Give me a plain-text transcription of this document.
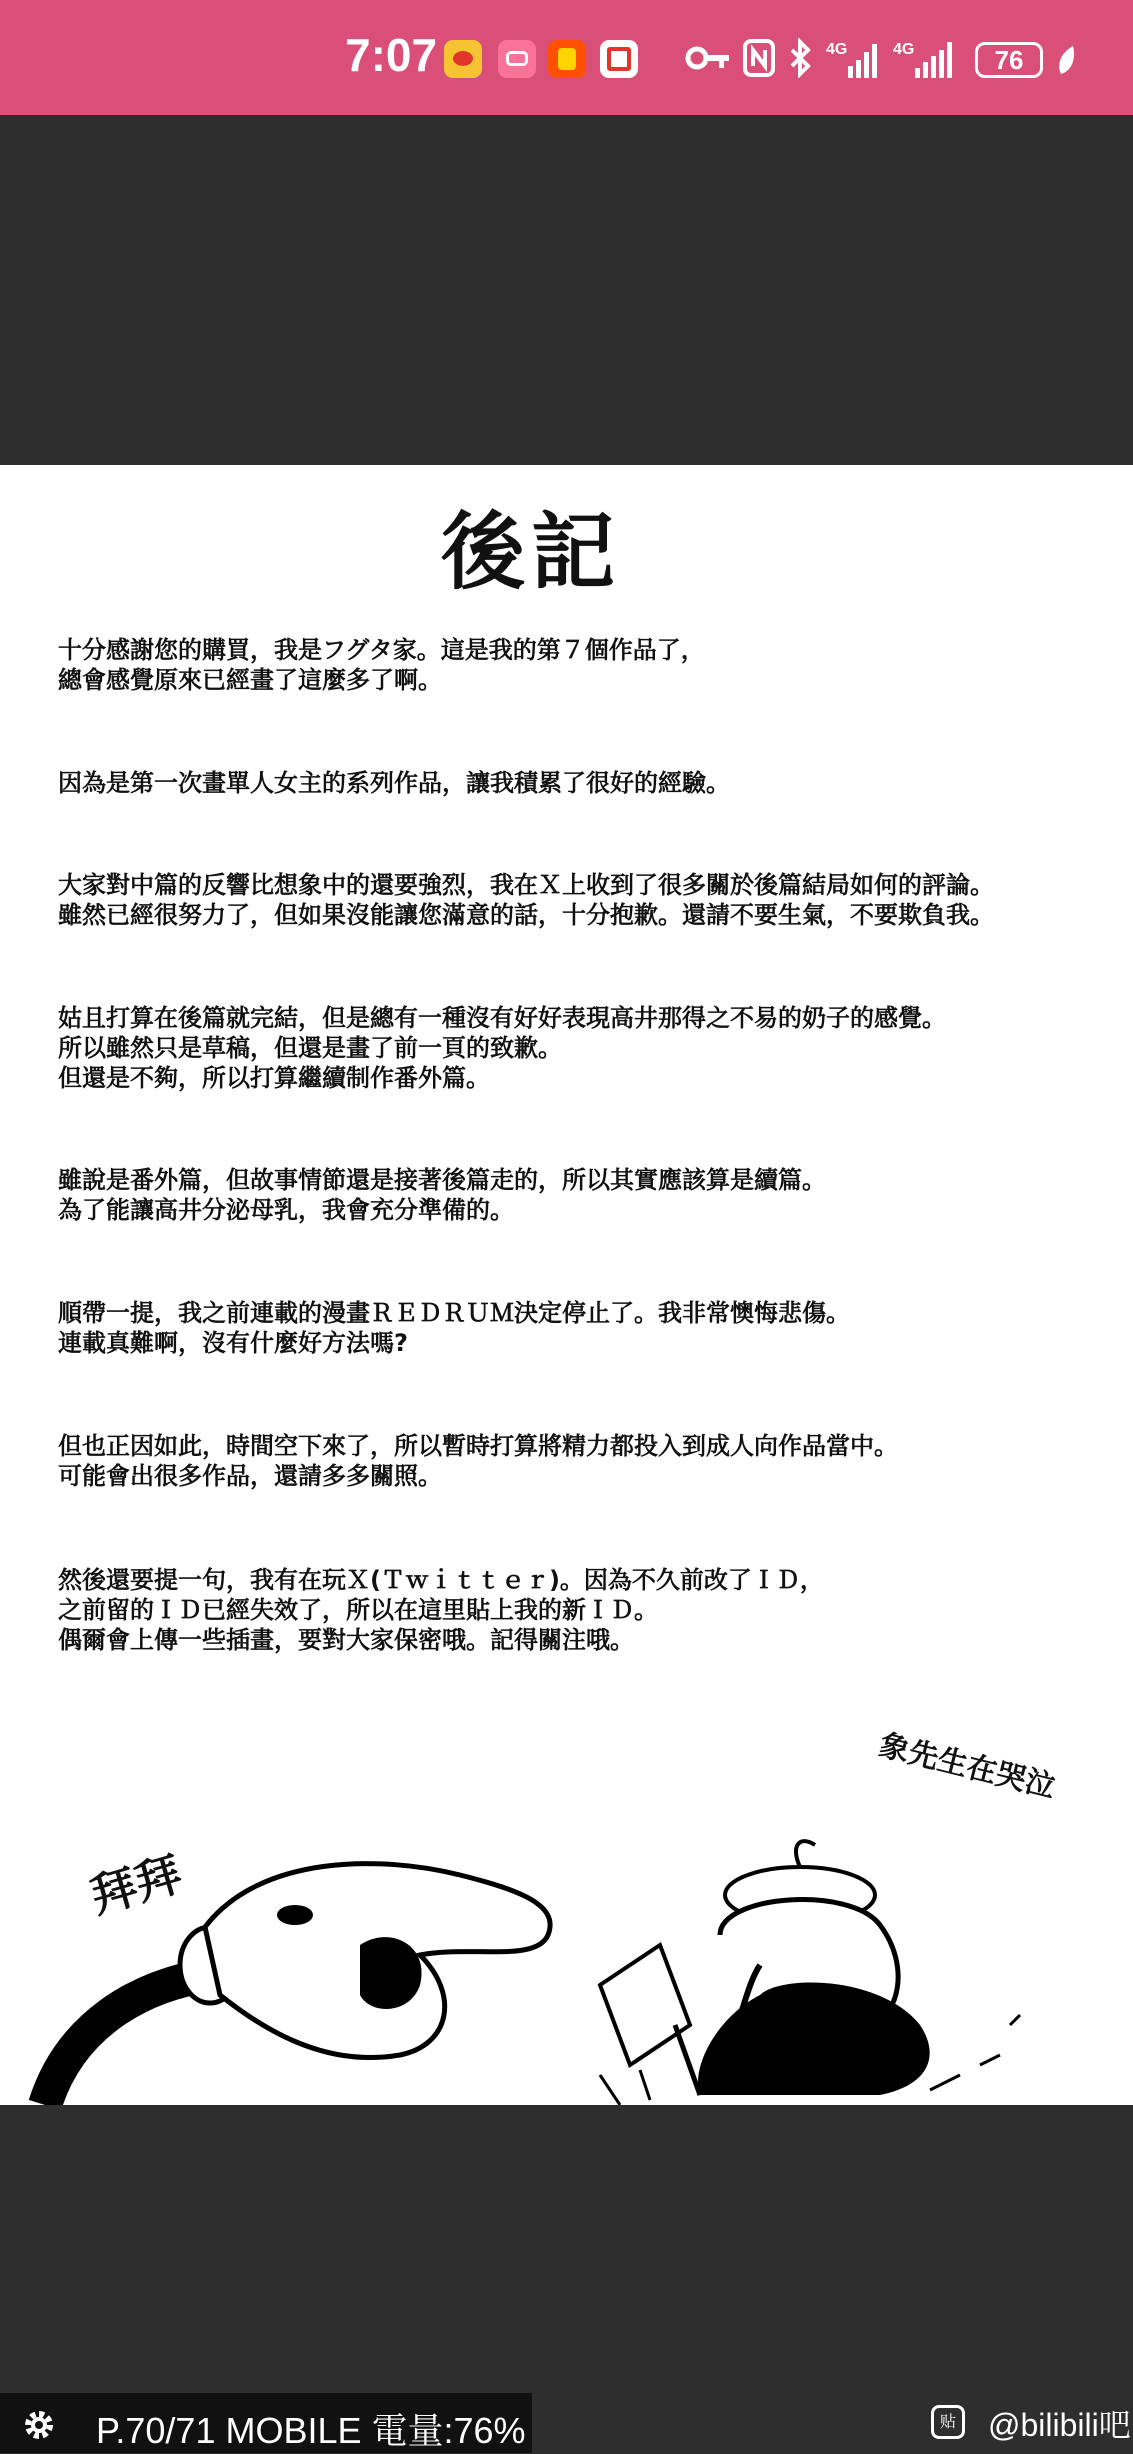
7:07	4G	4G	76
後記
十分感謝您的購買，我是フグタ家。這是我的第７個作品了，
總會感覺原來已經畫了這麼多了啊。
因為是第一次畫單人女主的系列作品，讓我積累了很好的經驗。
大家對中篇的反響比想象中的還要強烈，我在Ｘ上收到了很多關於後篇結局如何的評論。
雖然已經很努力了，但如果沒能讓您滿意的話，十分抱歉。還請不要生氣，不要欺負我。
姑且打算在後篇就完結，但是總有一種沒有好好表現高井那得之不易的奶子的感覺。
所以雖然只是草稿，但還是畫了前一頁的致歉。
但還是不夠，所以打算繼續制作番外篇。
雖說是番外篇，但故事情節還是接著後篇走的，所以其實應該算是續篇。
為了能讓高井分泌母乳，我會充分準備的。
順帶一提，我之前連載的漫畫ＲＥＤＲＵＭ決定停止了。我非常懊悔悲傷。
連載真難啊，沒有什麼好方法嗎?
但也正因如此，時間空下來了，所以暫時打算將精力都投入到成人向作品當中。
可能會出很多作品，還請多多關照。
然後還要提一句，我有在玩Ｘ(Ｔｗｉｔｔｅｒ)。因為不久前改了ＩＤ，
之前留的ＩＤ已經失效了，所以在這里貼上我的新ＩＤ。
偶爾會上傳一些插畫，要對大家保密哦。記得關注哦。
拜拜
象先生在哭泣
P.70/71 MOBILE 電量:76%	贴 @bilibili吧
